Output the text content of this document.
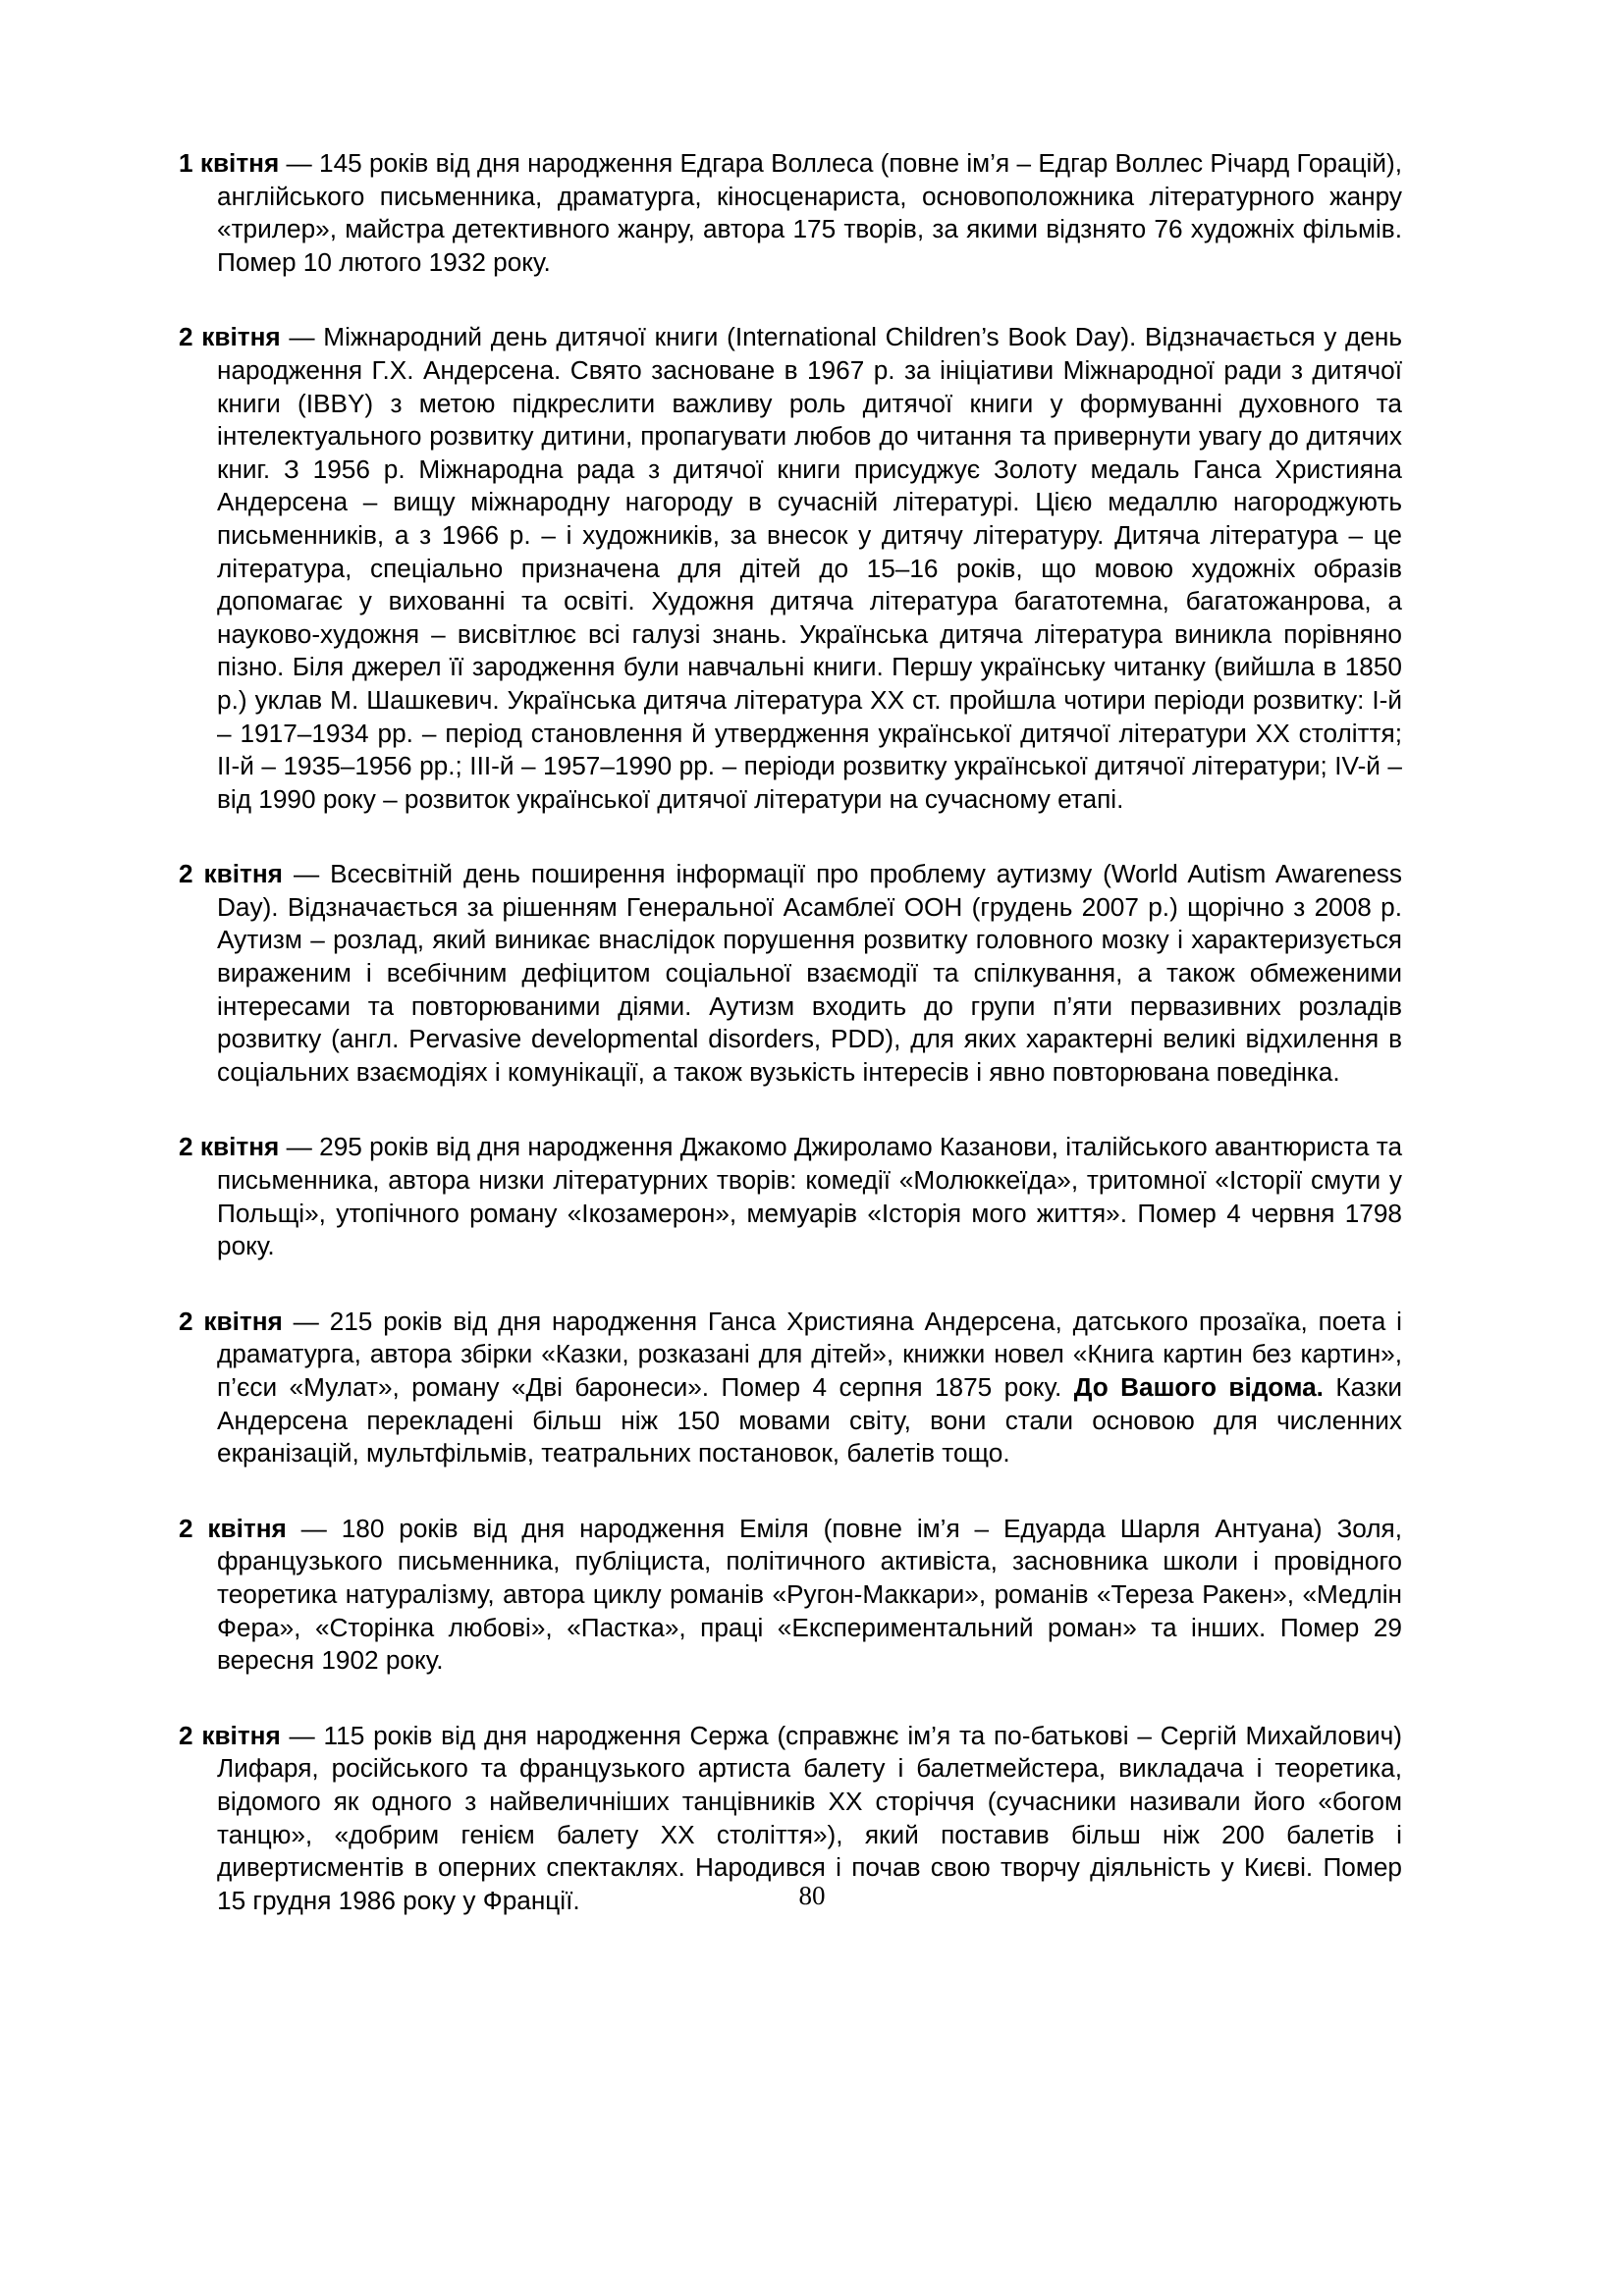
1 квітня — 145 років від дня народження Едгара Воллеса (повне ім’я – Едгар Воллес Річард Горацій), англійського письменника, драматурга, кіносценариста, основоположника літературного жанру «трилер», майстра детективного жанру, автора 175 творів, за якими відзнято 76 художніх фільмів. Помер 10 лютого 1932 року.

2 квітня — Міжнародний день дитячої книги (International Children’s Book Day). Відзначається у день народження Г.Х. Андерсена. Свято засноване в 1967 р. за ініціативи Міжнародної ради з дитячої книги (IBBY) з метою підкреслити важливу роль дитячої книги у формуванні духовного та інтелектуального розвитку дитини, пропагувати любов до читання та привернути увагу до дитячих книг. З 1956 р. Міжнародна рада з дитячої книги присуджує Золоту медаль Ганса Християна Андерсена – вищу міжнародну нагороду в сучасній літературі. Цією медаллю нагороджують письменників, а з 1966 р. – і художників, за внесок у дитячу літературу. Дитяча література – це література, спеціально призначена для дітей до 15–16 років, що мовою художніх образів допомагає у вихованні та освіті. Художня дитяча література багатотемна, багатожанрова, а науково-художня – висвітлює всі галузі знань. Українська дитяча література виникла порівняно пізно. Біля джерел її зародження були навчальні книги. Першу українську читанку (вийшла в 1850 р.) уклав М. Шашкевич. Українська дитяча література XX ст. пройшла чотири періоди розвитку: I-й – 1917–1934 рр. – період становлення й утвердження української дитячої літератури XX століття; II-й – 1935–1956 рр.; III-й – 1957–1990 рр. – періоди розвитку української дитячої літератури; IV-й – від 1990 року – розвиток української дитячої літератури на сучасному етапі.

2 квітня — Всесвітній день поширення інформації про проблему аутизму (World Autism Awareness Day). Відзначається за рішенням Генеральної Асамблеї ООН (грудень 2007 р.) щорічно з 2008 р. Аутизм – розлад, який виникає внаслідок порушення розвитку головного мозку і характеризується вираженим і всебічним дефіцитом соціальної взаємодії та спілкування, а також обмеженими інтересами та повторюваними діями. Аутизм входить до групи п’яти первазивних розладів розвитку (англ. Pervasive developmental disorders, PDD), для яких характерні великі відхилення в соціальних взаємодіях і комунікації, а також вузькість інтересів і явно повторювана поведінка.

2 квітня — 295 років від дня народження Джакомо Джироламо Казанови, італійського авантюриста та письменника, автора низки літературних творів: комедії «Молюккеїда», тритомної «Історії смути у Польщі», утопічного роману «Ікозамерон», мемуарів «Історія мого життя». Помер 4 червня 1798 року.

2 квітня — 215 років від дня народження Ганса Християна Андерсена, датського прозаїка, поета і драматурга, автора збірки «Казки, розказані для дітей», книжки новел «Книга картин без картин», п’єси «Мулат», роману «Дві баронеси». Помер 4 серпня 1875 року. До Вашого відома. Казки Андерсена перекладені більш ніж 150 мовами світу, вони стали основою для численних екранізацій, мультфільмів, театральних постановок, балетів тощо.

2 квітня — 180 років від дня народження Еміля (повне ім’я – Едуарда Шарля Антуана) Золя, французького письменника, публіциста, політичного активіста, засновника школи і провідного теоретика натуралізму, автора циклу романів «Ругон-Маккари», романів «Тереза Ракен», «Медлін Фера», «Сторінка любові», «Пастка», праці «Експериментальний роман» та інших. Помер 29 вересня 1902 року.

2 квітня — 115 років від дня народження Сержа (справжнє ім’я та по-батькові – Сергій Михайлович) Лифаря, російського та французького артиста балету і балетмейстера, викладача і теоретика, відомого як одного з найвеличніших танцівників XX сторіччя (сучасники називали його «богом танцю», «добрим генієм балету XX століття»), який поставив більш ніж 200 балетів і дивертисментів в оперних спектаклях. Народився і почав свою творчу діяльність у Києві. Помер 15 грудня 1986 року у Франції.	80
